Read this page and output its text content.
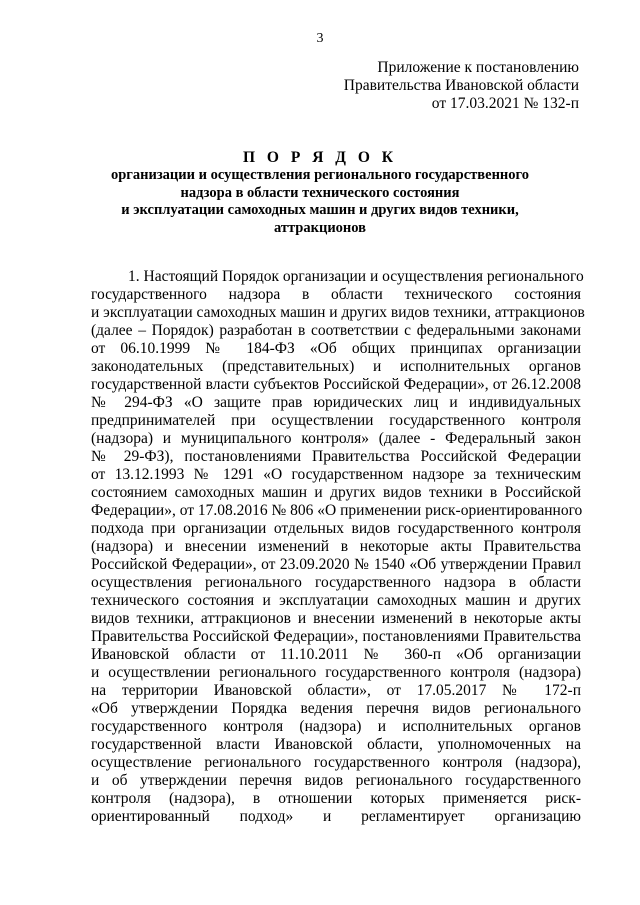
3
Приложение к постановлению
Правительства Ивановской области
от 17.03.2021 № 132-п
П О Р Я Д О К
организации и осуществления регионального государственного
надзора в области технического состояния
и эксплуатации самоходных машин и других видов техники,
аттракционов
1. Настоящий Порядок организации и осуществления регионального
государственного надзора в области технического состояния
и эксплуатации самоходных машин и других видов техники, аттракционов
(далее – Порядок) разработан в соответствии с федеральными законами
от 06.10.1999 № 184-ФЗ «Об общих принципах организации
законодательных (представительных) и исполнительных органов
государственной власти субъектов Российской Федерации», от 26.12.2008
№ 294-ФЗ «О защите прав юридических лиц и индивидуальных
предпринимателей при осуществлении государственного контроля
(надзора) и муниципального контроля» (далее - Федеральный закон
№ 29-ФЗ), постановлениями Правительства Российской Федерации
от 13.12.1993 № 1291 «О государственном надзоре за техническим
состоянием самоходных машин и других видов техники в Российской
Федерации», от 17.08.2016 № 806 «О применении риск-ориентированного
подхода при организации отдельных видов государственного контроля
(надзора) и внесении изменений в некоторые акты Правительства
Российской Федерации», от 23.09.2020 № 1540 «Об утверждении Правил
осуществления регионального государственного надзора в области
технического состояния и эксплуатации самоходных машин и других
видов техники, аттракционов и внесении изменений в некоторые акты
Правительства Российской Федерации», постановлениями Правительства
Ивановской области от 11.10.2011 № 360-п «Об организации
и осуществлении регионального государственного контроля (надзора)
на территории Ивановской области», от 17.05.2017 № 172-п
«Об утверждении Порядка ведения перечня видов регионального
государственного контроля (надзора) и исполнительных органов
государственной власти Ивановской области, уполномоченных на
осуществление регионального государственного контроля (надзора),
и об утверждении перечня видов регионального государственного
контроля (надзора), в отношении которых применяется риск-
ориентированный подход» и регламентирует организацию
